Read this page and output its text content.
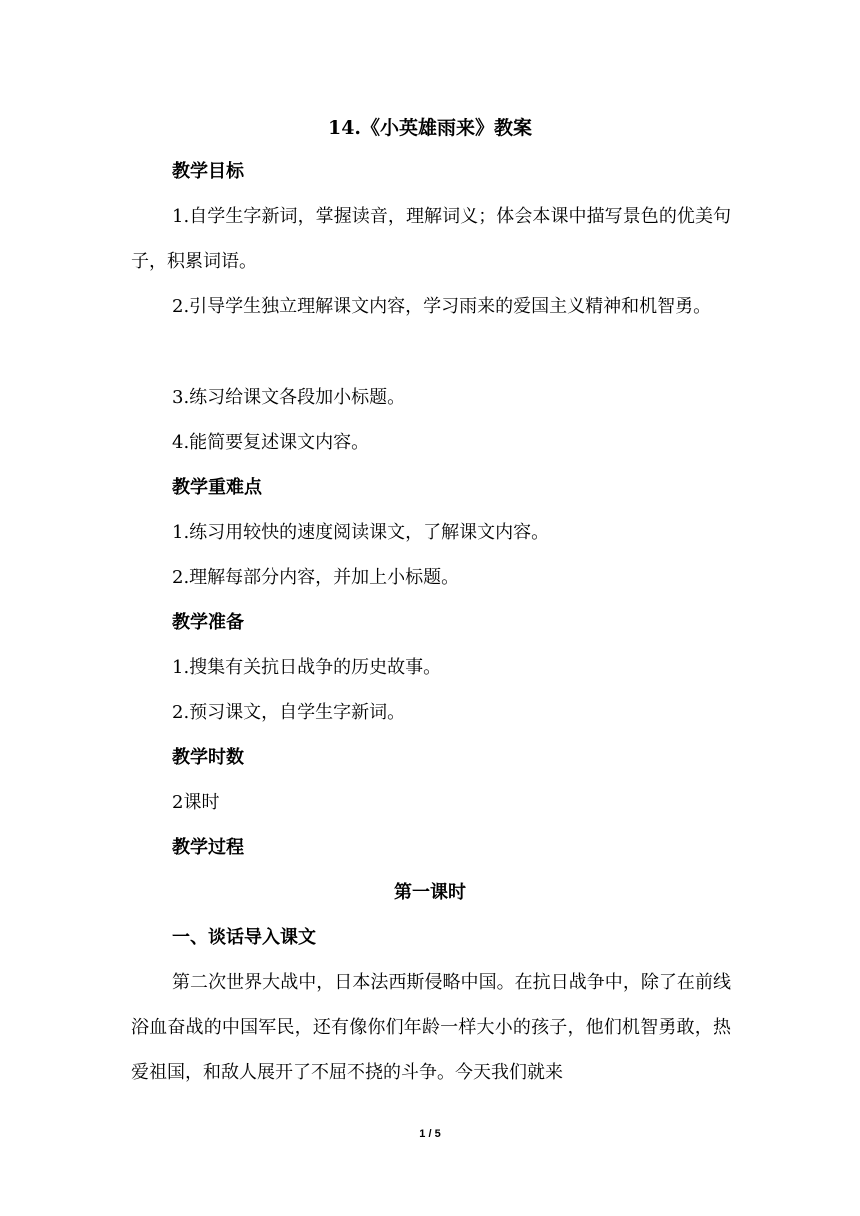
14.《小英雄雨来》教案
教学目标
1.自学生字新词，掌握读音，理解词义；体会本课中描写景色的优美句子，积累词语。
2.引导学生独立理解课文内容，学习雨来的爱国主义精神和机智勇。
3.练习给课文各段加小标题。
4.能简要复述课文内容。
教学重难点
1.练习用较快的速度阅读课文，了解课文内容。
2.理解每部分内容，并加上小标题。
教学准备
1.搜集有关抗日战争的历史故事。
2.预习课文，自学生字新词。
教学时数
2课时
教学过程
第一课时
一、谈话导入课文
第二次世界大战中，日本法西斯侵略中国。在抗日战争中，除了在前线浴血奋战的中国军民，还有像你们年龄一样大小的孩子，他们机智勇敢，热爱祖国，和敌人展开了不屈不挠的斗争。今天我们就来
1 / 5
